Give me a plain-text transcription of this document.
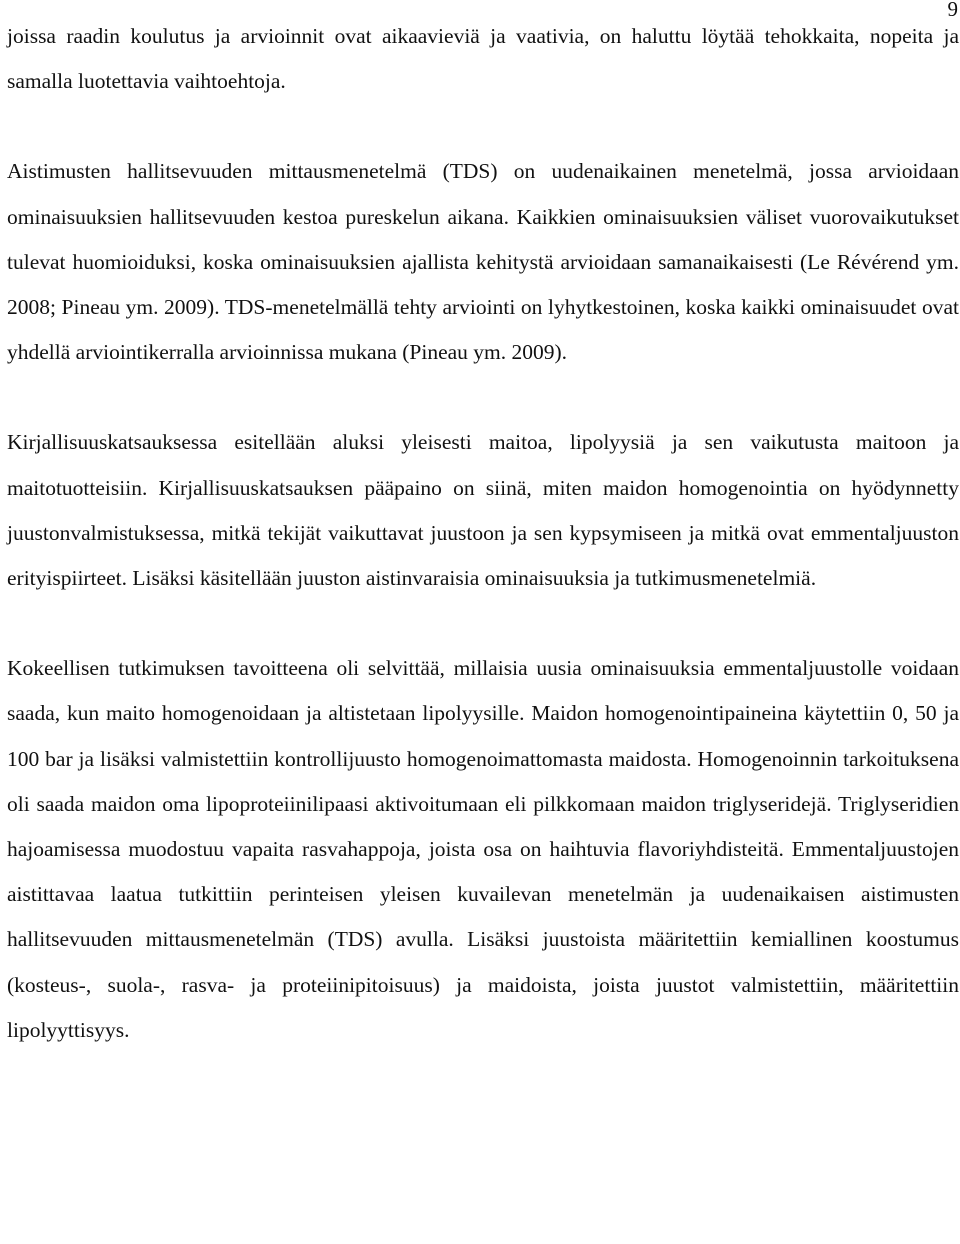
9

joissa raadin koulutus ja arvioinnit ovat aikaavieviä ja vaativia, on haluttu löytää tehokkaita, nopeita ja samalla luotettavia vaihtoehtoja.

Aistimusten hallitsevuuden mittausmenetelmä (TDS) on uudenaikainen menetelmä, jossa arvioidaan ominaisuuksien hallitsevuuden kestoa pureskelun aikana. Kaikkien ominaisuuksien väliset vuorovaikutukset tulevat huomioiduksi, koska ominaisuuksien ajallista kehitystä arvioidaan samanaikaisesti (Le Révérend ym. 2008; Pineau ym. 2009). TDS-menetelmällä tehty arviointi on lyhytkestoinen, koska kaikki ominaisuudet ovat yhdellä arviointikerralla arvioinnissa mukana (Pineau ym. 2009).

Kirjallisuuskatsauksessa esitellään aluksi yleisesti maitoa, lipolyysiä ja sen vaikutusta maitoon ja maitotuotteisiin. Kirjallisuuskatsauksen pääpaino on siinä, miten maidon homogenointia on hyödynnetty juustonvalmistuksessa, mitkä tekijät vaikuttavat juustoon ja sen kypsymiseen ja mitkä ovat emmentaljuuston erityispiirteet. Lisäksi käsitellään juuston aistinvaraisia ominaisuuksia ja tutkimusmenetelmiä.

Kokeellisen tutkimuksen tavoitteena oli selvittää, millaisia uusia ominaisuuksia emmentaljuustolle voidaan saada, kun maito homogenoidaan ja altistetaan lipolyysille. Maidon homogenointipaineina käytettiin 0, 50 ja 100 bar ja lisäksi valmistettiin kontrollijuusto homogenoimattomasta maidosta. Homogenoinnin tarkoituksena oli saada maidon oma lipoproteiinilipaasi aktivoitumaan eli pilkkomaan maidon triglyseridejä. Triglyseridien hajoamisessa muodostuu vapaita rasvahappoja, joista osa on haihtuvia flavoriyhdisteitä. Emmentaljuustojen aistittavaa laatua tutkittiin perinteisen yleisen kuvailevan menetelmän ja uudenaikaisen aistimusten hallitsevuuden mittausmenetelmän (TDS) avulla. Lisäksi juustoista määritettiin kemiallinen koostumus (kosteus-, suola-, rasva- ja proteiinipitoisuus) ja maidoista, joista juustot valmistettiin, määritettiin lipolyyttisyys.
